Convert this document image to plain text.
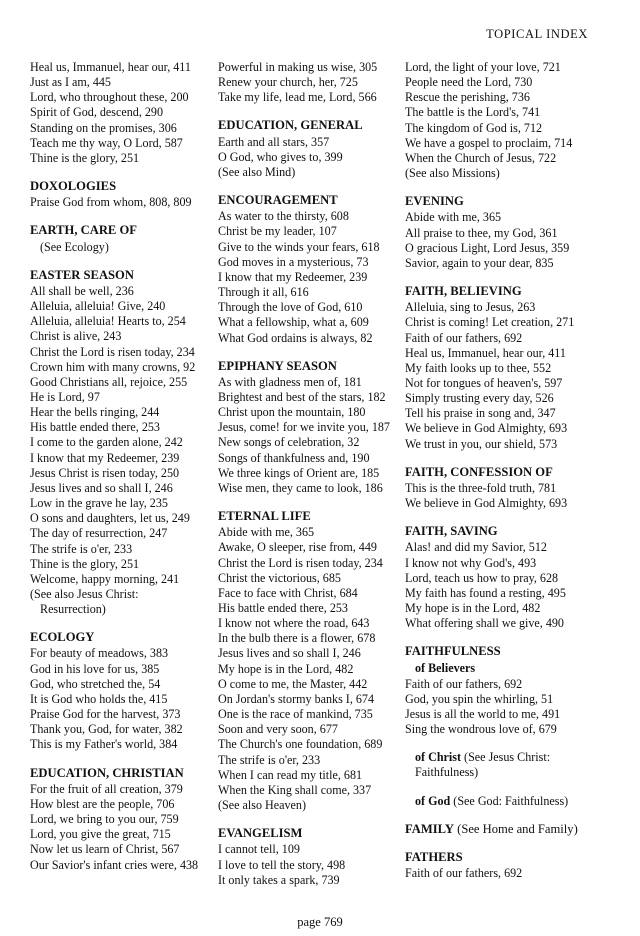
TOPICAL INDEX
Heal us, Immanuel, hear our, 411
Just as I am, 445
Lord, who throughout these, 200
Spirit of God, descend, 290
Standing on the promises, 306
Teach me thy way, O Lord, 587
Thine is the glory, 251
DOXOLOGIES
Praise God from whom, 808, 809
EARTH, CARE OF
(See Ecology)
EASTER SEASON
All shall be well, 236
Alleluia, alleluia! Give, 240
Alleluia, alleluia! Hearts to, 254
Christ is alive, 243
Christ the Lord is risen today, 234
Crown him with many crowns, 92
Good Christians all, rejoice, 255
He is Lord, 97
Hear the bells ringing, 244
His battle ended there, 253
I come to the garden alone, 242
I know that my Redeemer, 239
Jesus Christ is risen today, 250
Jesus lives and so shall I, 246
Low in the grave he lay, 235
O sons and daughters, let us, 249
The day of resurrection, 247
The strife is o'er, 233
Thine is the glory, 251
Welcome, happy morning, 241
(See also Jesus Christ:
Resurrection)
ECOLOGY
For beauty of meadows, 383
God in his love for us, 385
God, who stretched the, 54
It is God who holds the, 415
Praise God for the harvest, 373
Thank you, God, for water, 382
This is my Father's world, 384
EDUCATION, CHRISTIAN
For the fruit of all creation, 379
How blest are the people, 706
Lord, we bring to you our, 759
Lord, you give the great, 715
Now let us learn of Christ, 567
Our Savior's infant cries were, 438
Powerful in making us wise, 305
Renew your church, her, 725
Take my life, lead me, Lord, 566
EDUCATION, GENERAL
Earth and all stars, 357
O God, who gives to, 399
(See also Mind)
ENCOURAGEMENT
As water to the thirsty, 608
Christ be my leader, 107
Give to the winds your fears, 618
God moves in a mysterious, 73
I know that my Redeemer, 239
Through it all, 616
Through the love of God, 610
What a fellowship, what a, 609
What God ordains is always, 82
EPIPHANY SEASON
As with gladness men of, 181
Brightest and best of the stars, 182
Christ upon the mountain, 180
Jesus, come! for we invite you, 187
New songs of celebration, 32
Songs of thankfulness and, 190
We three kings of Orient are, 185
Wise men, they came to look, 186
ETERNAL LIFE
Abide with me, 365
Awake, O sleeper, rise from, 449
Christ the Lord is risen today, 234
Christ the victorious, 685
Face to face with Christ, 684
His battle ended there, 253
I know not where the road, 643
In the bulb there is a flower, 678
Jesus lives and so shall I, 246
My hope is in the Lord, 482
O come to me, the Master, 442
On Jordan's stormy banks I, 674
One is the race of mankind, 735
Soon and very soon, 677
The Church's one foundation, 689
The strife is o'er, 233
When I can read my title, 681
When the King shall come, 337
(See also Heaven)
EVANGELISM
I cannot tell, 109
I love to tell the story, 498
It only takes a spark, 739
Lord, the light of your love, 721
People need the Lord, 730
Rescue the perishing, 736
The battle is the Lord's, 741
The kingdom of God is, 712
We have a gospel to proclaim, 714
When the Church of Jesus, 722
(See also Missions)
EVENING
Abide with me, 365
All praise to thee, my God, 361
O gracious Light, Lord Jesus, 359
Savior, again to your dear, 835
FAITH, BELIEVING
Alleluia, sing to Jesus, 263
Christ is coming! Let creation, 271
Faith of our fathers, 692
Heal us, Immanuel, hear our, 411
My faith looks up to thee, 552
Not for tongues of heaven's, 597
Simply trusting every day, 526
Tell his praise in song and, 347
We believe in God Almighty, 693
We trust in you, our shield, 573
FAITH, CONFESSION OF
This is the three-fold truth, 781
We believe in God Almighty, 693
FAITH, SAVING
Alas! and did my Savior, 512
I know not why God's, 493
Lord, teach us how to pray, 628
My faith has found a resting, 495
My hope is in the Lord, 482
What offering shall we give, 490
FAITHFULNESS
of Believers
Faith of our fathers, 692
God, you spin the whirling, 51
Jesus is all the world to me, 491
Sing the wondrous love of, 679
of Christ (See Jesus Christ: Faithfulness)
of God (See God: Faithfulness)
FAMILY (See Home and Family)
FATHERS
Faith of our fathers, 692
page 769
